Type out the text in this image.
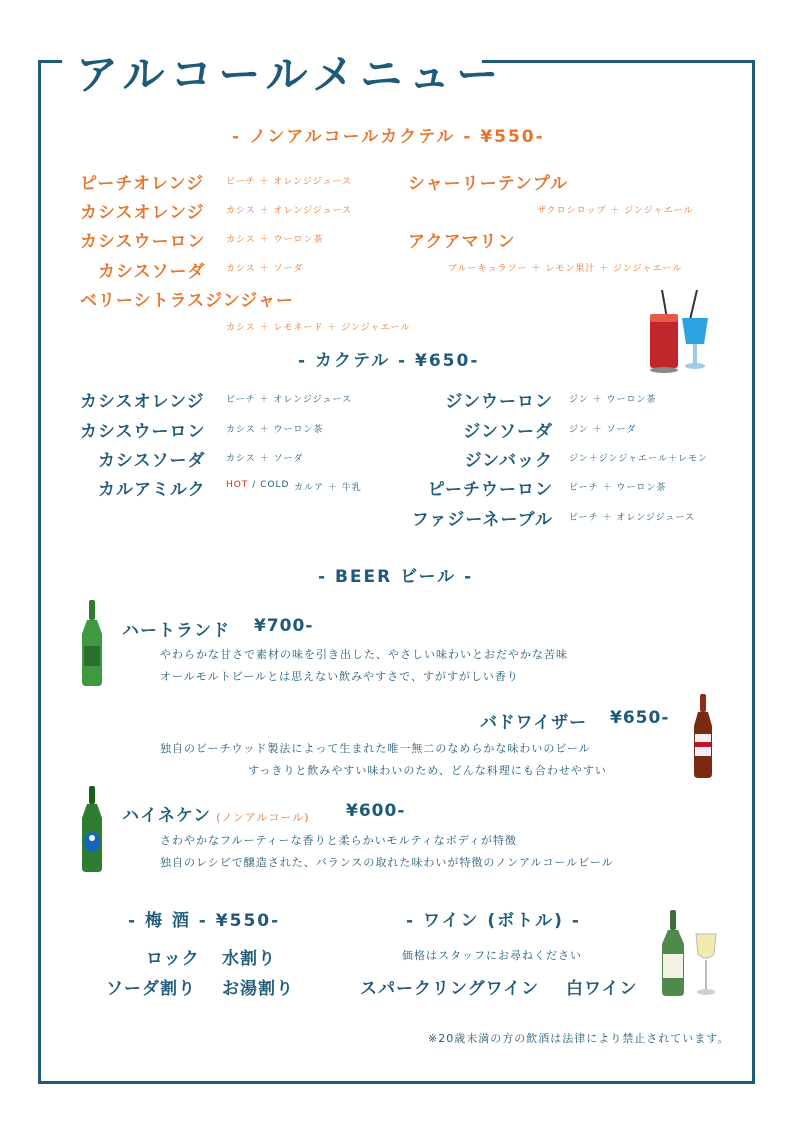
アルコールメニュー
- ノンアルコールカクテル - ¥550-
ピーチオレンジ ピーチ ＋ オレンジジュース
カシスオレンジ カシス ＋ オレンジジュース
カシスウーロン カシス ＋ ウーロン茶
カシスソーダ カシス ＋ ソーダ
ベリーシトラスジンジャー
カシス ＋ レモネード ＋ ジンジャエール
シャーリーテンプル
ザクロシロップ ＋ ジンジャエール
アクアマリン
ブルーキュラソー ＋ レモン果汁 ＋ ジンジャエール
- カクテル - ¥650-
カシスオレンジ ピーチ ＋ オレンジジュース
カシスウーロン カシス ＋ ウーロン茶
カシスソーダ カシス ＋ ソーダ
カルアミルク HOT / COLD カルア ＋ 牛乳
ジンウーロン ジン ＋ ウーロン茶
ジンソーダ ジン ＋ ソーダ
ジンバック ジン＋ジンジャエール＋レモン
ピーチウーロン ピーチ ＋ ウーロン茶
ファジーネーブル ピーチ ＋ オレンジジュース
- BEER ビール -
ハートランド ¥700-
やわらかな甘さで素材の味を引き出した、やさしい味わいとおだやかな苦味
オールモルトビールとは思えない飲みやすさで、すがすがしい香り
バドワイザー ¥650-
独自のビーチウッド製法によって生まれた唯一無二のなめらかな味わいのビール
すっきりと飲みやすい味わいのため、どんな料理にも合わせやすい
ハイネケン (ノンアルコール) ¥600-
さわやかなフルーティーな香りと柔らかいモルティなボディが特徴
独自のレシピで醸造された、バランスの取れた味わいが特徴のノンアルコールビール
- 梅 酒 - ¥550-
ロック 水割り
ソーダ割り お湯割り
- ワイン (ボトル) -
価格はスタッフにお尋ねください
スパークリングワイン 白ワイン
※20歳未満の方の飲酒は法律により禁止されています。
